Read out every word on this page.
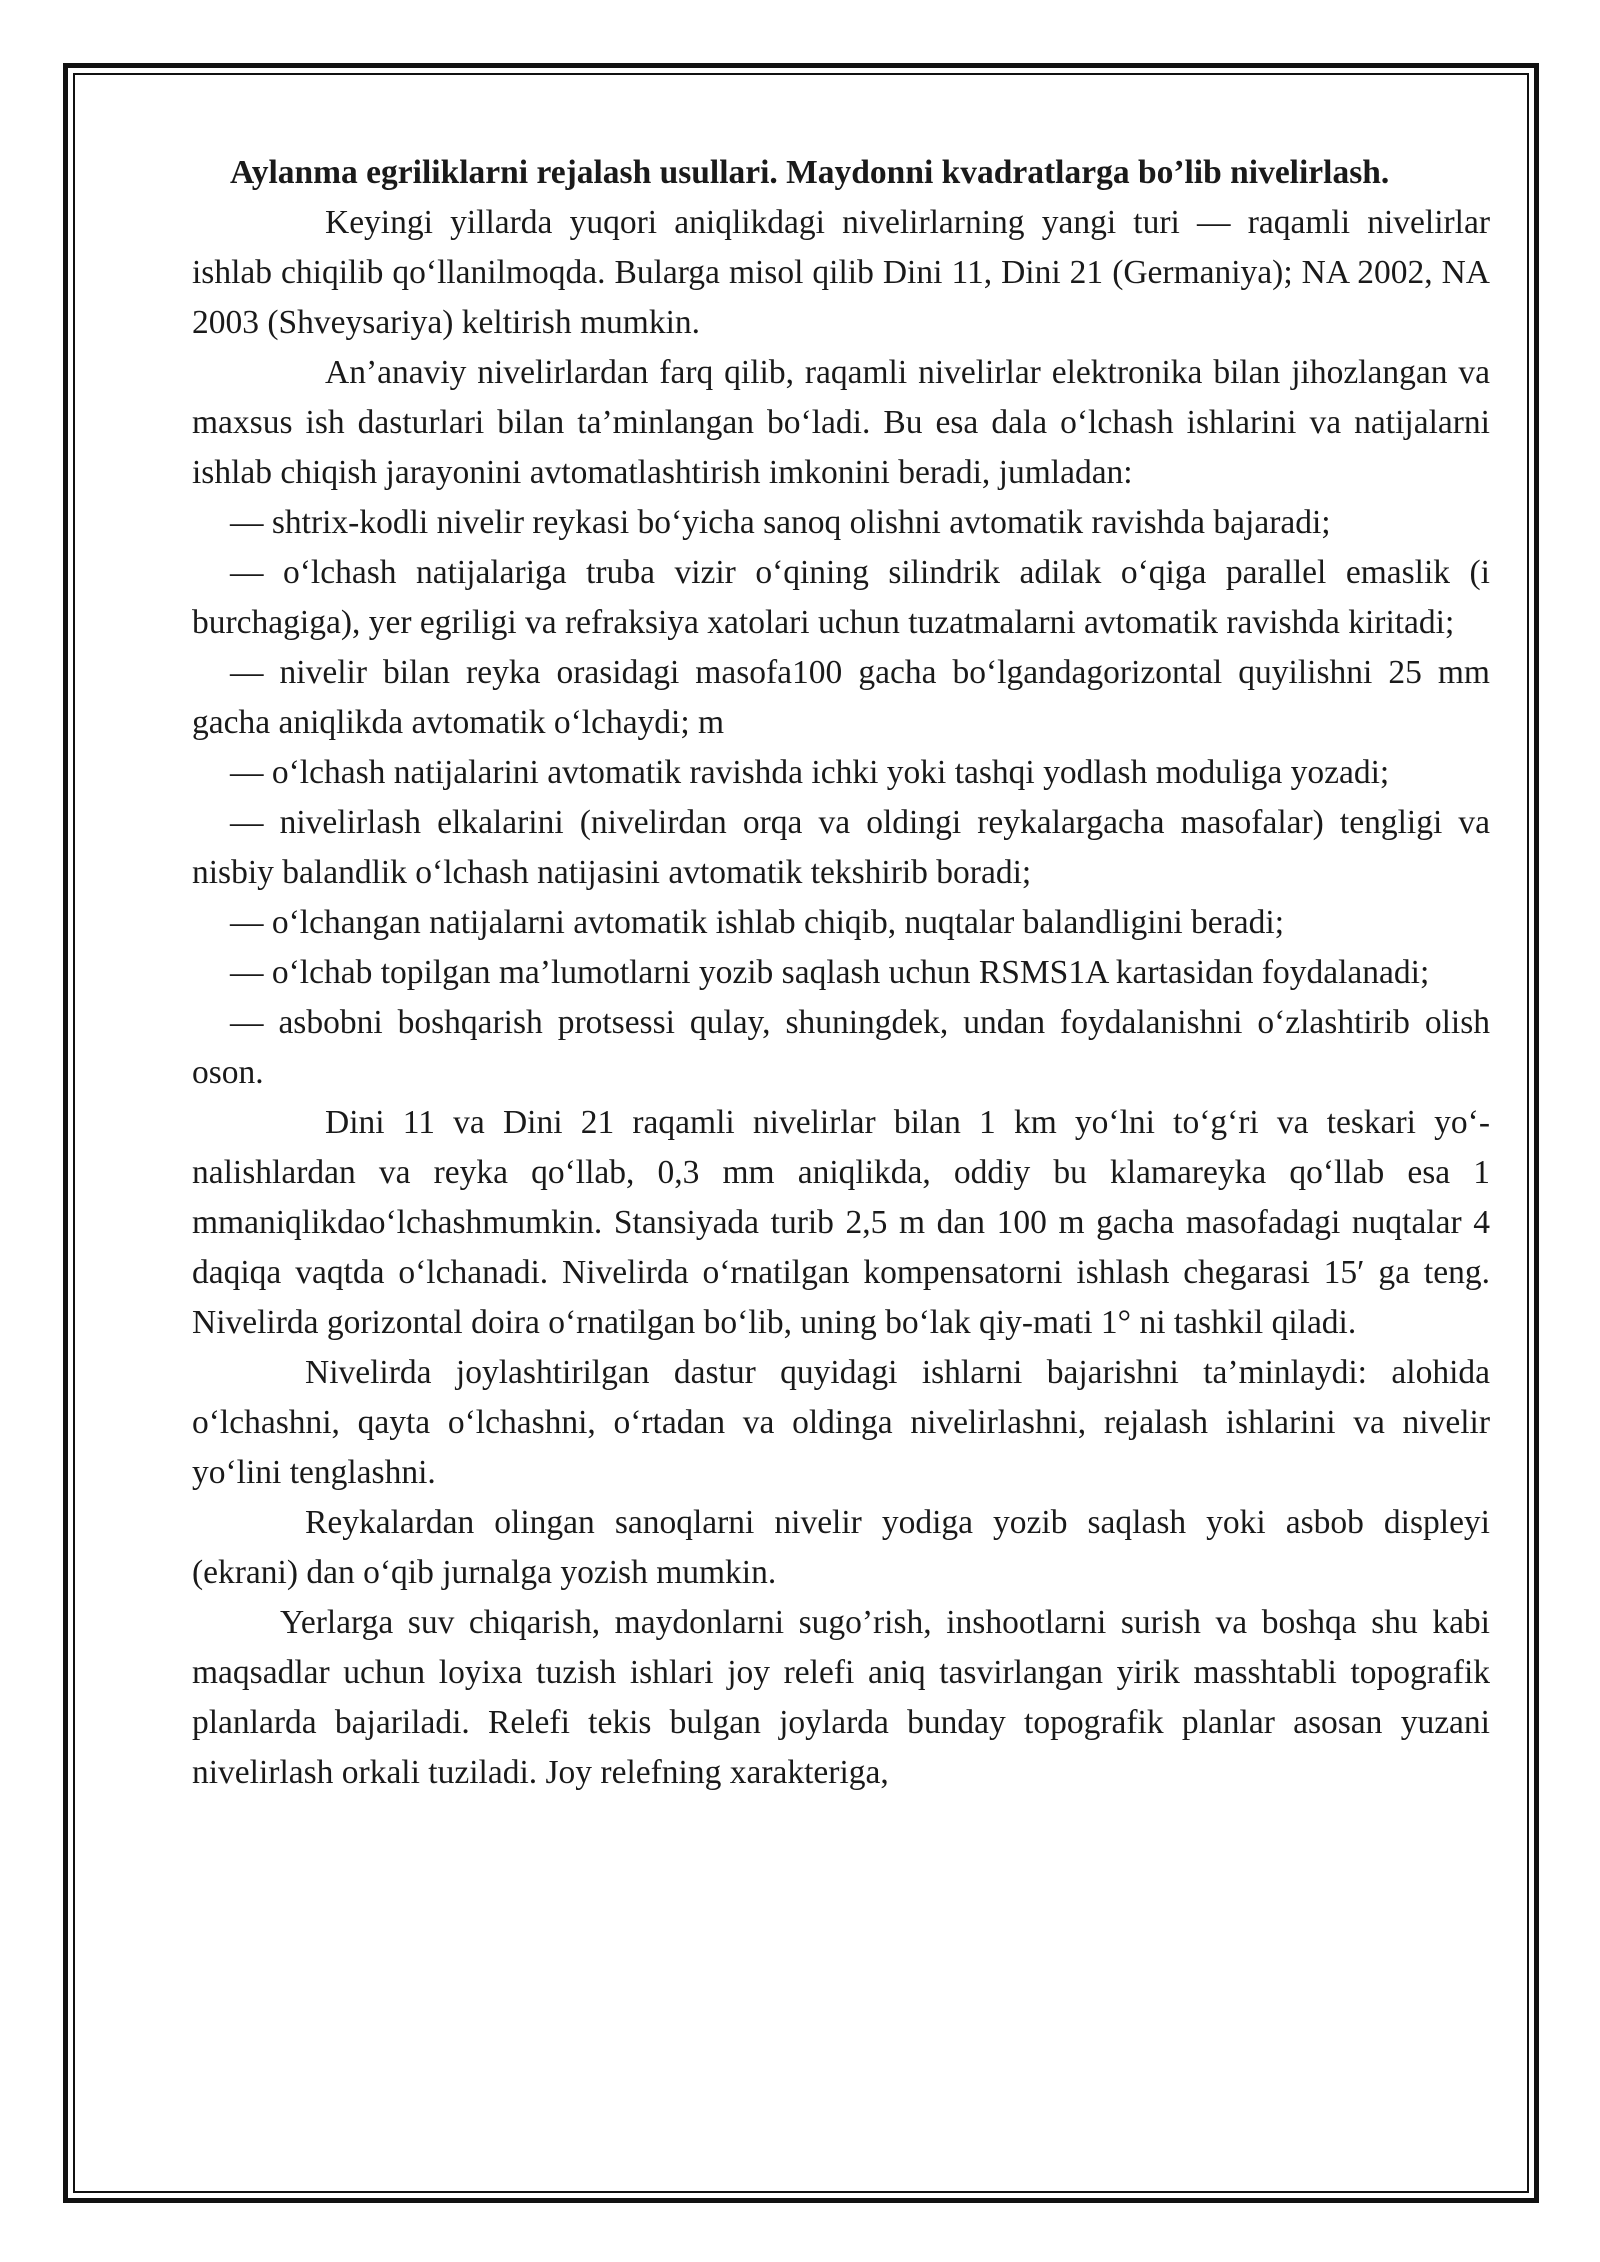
Aylanma egriliklarni rejalash usullari. Maydonni kvadratlarga bo’lib nivelirlash.

Keyingi yillarda yuqori aniqlikdagi nivelirlarning yangi turi — raqamli nivelirlar ishlab chiqilib qo‘llanilmoqda. Bularga misol qilib Dini 11, Dini 21 (Germaniya); NA 2002, NA 2003 (Shveysariya) keltirish mumkin.

An’anaviy nivelirlardan farq qilib, raqamli nivelirlar elektronika bilan jihozlangan va maxsus ish dasturlari bilan ta’minlangan bo‘ladi. Bu esa dala o‘lchash ishlarini va natijalarni ishlab chiqish jarayonini avtomatlashtirish imkonini beradi, jumladan:

— shtrix-kodli nivelir reykasi bo‘yicha sanoq olishni avtomatik ravishda bajaradi;

— o‘lchash natijalariga truba vizir o‘qining silindrik adilak o‘qiga parallel emaslik (i burchagiga), yer egriligi va refraksiya xatolari uchun tuzatmalarni avtomatik ravishda kiritadi;

— nivelir bilan reyka orasidagi masofa100 gacha bo‘lgandagorizontal quyilishni 25 mm gacha aniqlikda avtomatik o‘lchaydi; m

— o‘lchash natijalarini avtomatik ravishda ichki yoki tashqi yodlash moduliga yozadi;

— nivelirlash elkalarini (nivelirdan orqa va oldingi reykalargacha masofalar) tengligi va nisbiy balandlik o‘lchash natijasini avtomatik tekshirib boradi;

— o‘lchangan natijalarni avtomatik ishlab chiqib, nuqtalar balandligini beradi;

— o‘lchab topilgan ma’lumotlarni yozib saqlash uchun RSMS1A kartasidan foydalanadi;

— asbobni boshqarish protsessi qulay, shuningdek, undan foydalanishni o‘zlashtirib olish oson.

Dini 11 va Dini 21 raqamli nivelirlar bilan 1 km yo‘lni to‘g‘ri va teskari yo‘-nalishlardan va reyka qo‘llab, 0,3 mm aniqlikda, oddiy bu klamareyka qo‘llab esa 1 mmaniqlikdao‘lchashmumkin. Stansiyada turib 2,5 m dan 100 m gacha masofadagi nuqtalar 4 daqiqa vaqtda o‘lchanadi. Nivelirda o‘rnatilgan kompensatorni ishlash chegarasi 15′ ga teng. Nivelirda gorizontal doira o‘rnatilgan bo‘lib, uning bo‘lak qiy-mati 1° ni tashkil qiladi.

Nivelirda joylashtirilgan dastur quyidagi ishlarni bajarishni ta’minlaydi: alohida o‘lchashni, qayta o‘lchashni, o‘rtadan va oldinga nivelirlashni, rejalash ishlarini va nivelir yo‘lini tenglashni.

Reykalardan olingan sanoqlarni nivelir yodiga yozib saqlash yoki asbob displeyi (ekrani) dan o‘qib jurnalga yozish mumkin.

Yerlarga suv chiqarish, maydonlarni sugo’rish, inshootlarni surish va boshqa shu kabi maqsadlar uchun loyixa tuzish ishlari joy relefi aniq tasvirlangan yirik masshtabli topografik planlarda bajariladi. Relefi tekis bulgan joylarda bunday topografik planlar asosan yuzani nivelirlash orkali tuziladi. Joy relefning xarakteriga,
